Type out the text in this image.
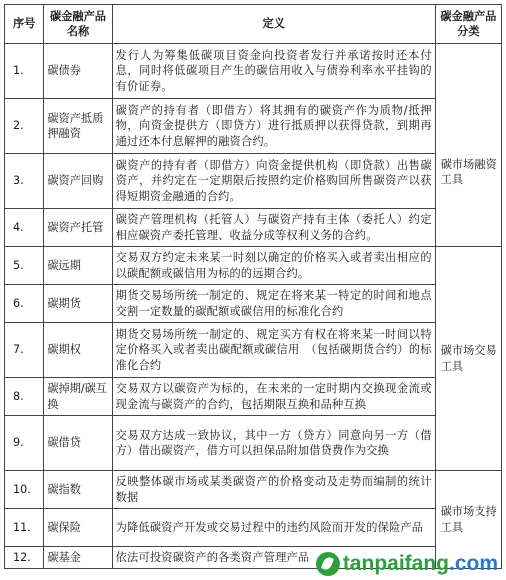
序号	碳金融产品名称	定义	碳金融产品分类
1.	碳债券	发行人为筹集低碳项目资金向投资者发行并承诺按时还本付息，同时将低碳项目产生的碳信用收入与债券利率水平挂钩的有价证券。	
2.	碳资产抵质押融资	碳资产的持有者（即借方）将其拥有的碳资产作为质物/抵押物，向资金提供方（即贷方）进行抵质押以获得贷款，到期再通过还本付息解押的融资合约。	碳市场融资工具
3.	碳资产回购	碳资产的持有者（即借方）向资金提供机构（即贷款）出售碳资产，并约定在一定期限后按照约定价格购回所售碳资产以获得短期资金融通的合约。	
4.	碳资产托管	碳资产管理机构（托管人）与碳资产持有主体（委托人）约定相应碳资产委托管理、收益分成等权利义务的合约。	
5.	碳远期	交易双方约定未来某一时刻以确定的价格买入或者卖出相应的以碳配额或碳信用为标的的远期合约。	碳市场交易工具
6.	碳期货	期货交易场所统一制定的、规定在将来某一特定的时间和地点交割一定数量的碳配额或碳信用的标准化合约	
7.	碳期权	期货交易场所统一制定的、规定买方有权在将来某一时间以特定价格买入或者卖出碳配额或碳信用　（包括碳期货合约）的标准化合约	
8.	碳掉期/碳互换	交易双方以碳资产为标的，在未来的一定时期内交换现金流或现金流与碳资产的合约，包括期限互换和品种互换	
9.	碳借贷	交易双方达成一致协议，其中一方（贷方）同意向另一方（借方）借出碳资产，借方可以担保品附加借贷费作为交换	
10.	碳指数	反映整体碳市场或某类碳资产的价格变动及走势而编制的统计数据	碳市场支持工具
11.	碳保险	为降低碳资产开发或交易过程中的违约风险而开发的保险产品	
12.	碳基金	依法可投资碳资产的各类资产管理产品	tanpaifang .com
